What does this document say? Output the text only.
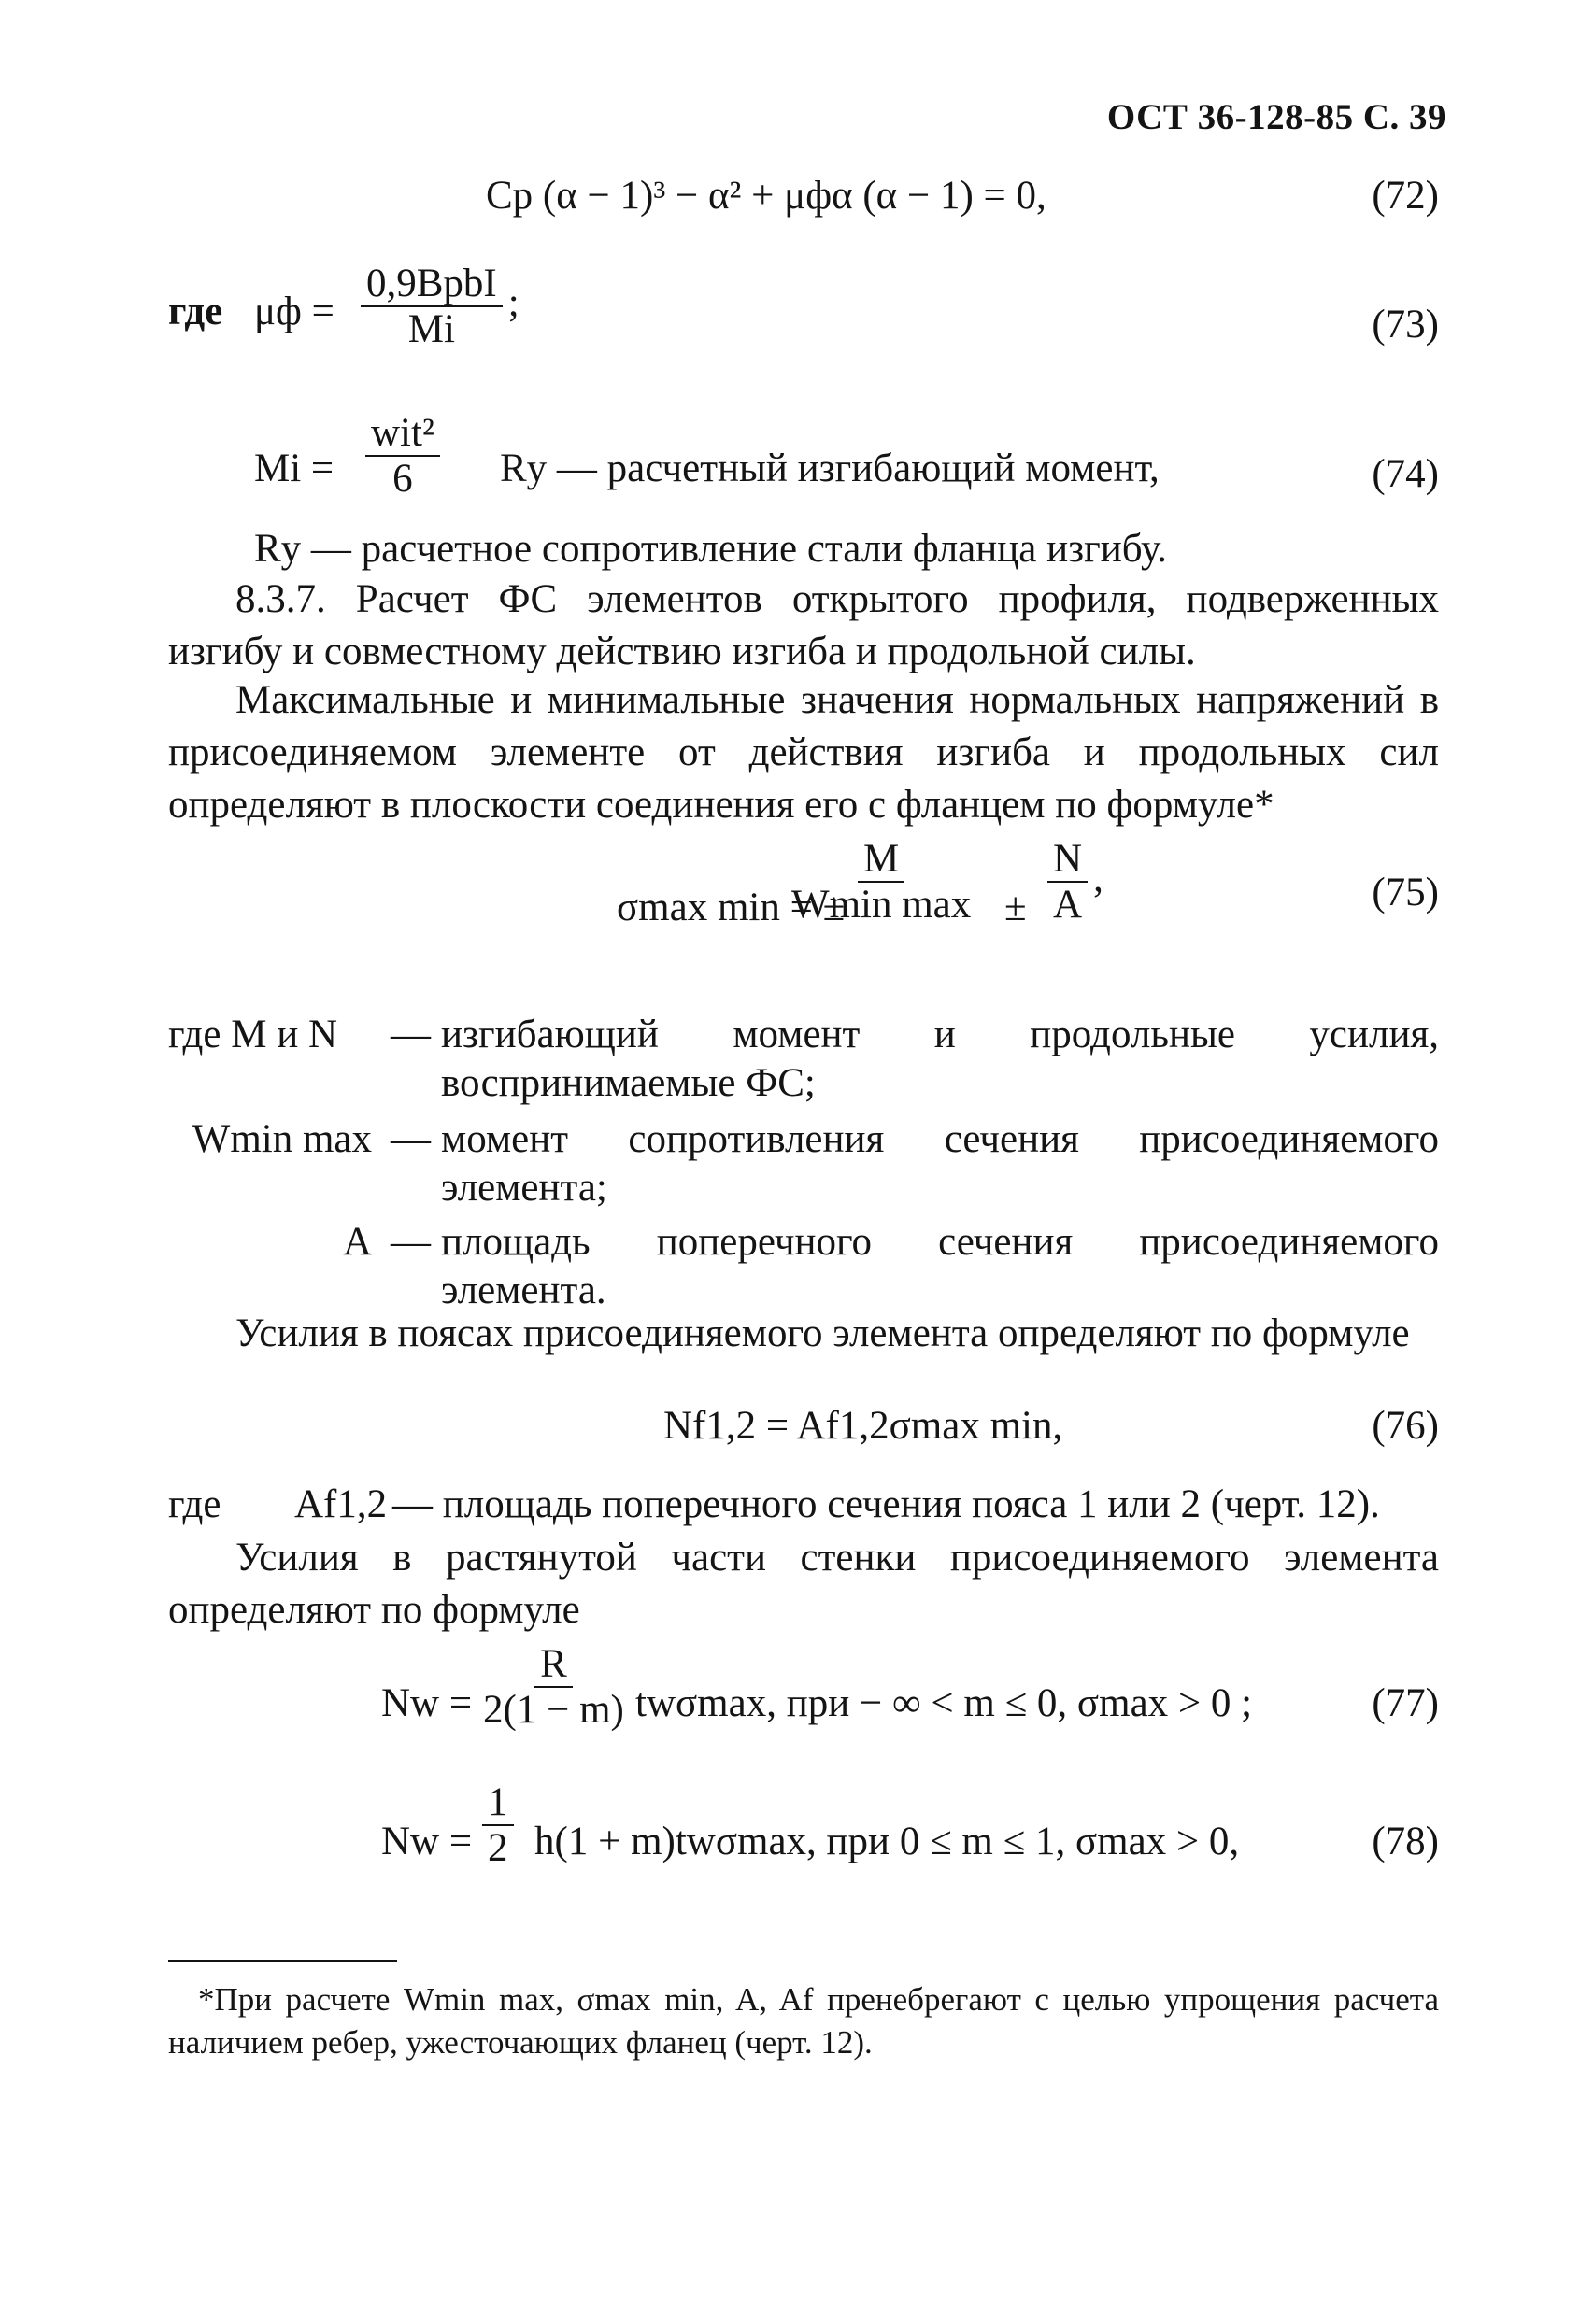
ОСТ 36-128-85 С. 39
Cр (α − 1)³ − α² + μфα (α − 1) = 0,	(72)
где $\mu ф = \frac{\text{0,9BрbI}}{Mi}$ ;	(73)
$Mi = \frac{\text{wit²}}{6}$ Rу — расчетный изгибающий момент,	(74)
Rу — расчетное сопротивление стали фланца изгибу.
8.3.7. Расчет ФС элементов открытого профиля, подверженных изгибу и совместному действию изгиба и продольной силы.
Максимальные и минимальные значения нормальных напряжений в присоединяемом элементе от действия изгиба и продольных сил определяют в плоскости соединения его с фланцем по формуле*
σmax min = ±
$\frac{M}{\text{Wmin max}} \pm \frac{N}{A}$ ,	(75)
где M и N	— изгибающий момент и продольные усилия, воспринимаемые ФС;
Wmin max — момент сопротивления сечения присоединяемого элемента;
A — площадь поперечного сечения присоединяемого элемента.
Усилия в поясах присоединяемого элемента определяют по формуле
Nf1,2 = Af1,2σmax min,	(76)
где Af1,2 — площадь поперечного сечения пояса 1 или 2 (черт. 12).
Усилия в растянутой части стенки присоединяемого элемента определяют по формуле
$Nw = \frac{R}{2(1 - m)} tw\sigma\max$, при − ∞ < m ≤ 0, σmax > 0 ;	(77)
$Nw = \frac{1}{2} h(1 + m)tw\sigma\max$, при 0 ≤ m ≤ 1, σmax > 0,	(78)
*При расчете Wmin max, σmax min, A, Af пренебрегают с целью упрощения расчета наличием ребер, ужесточающих фланец (черт. 12).
